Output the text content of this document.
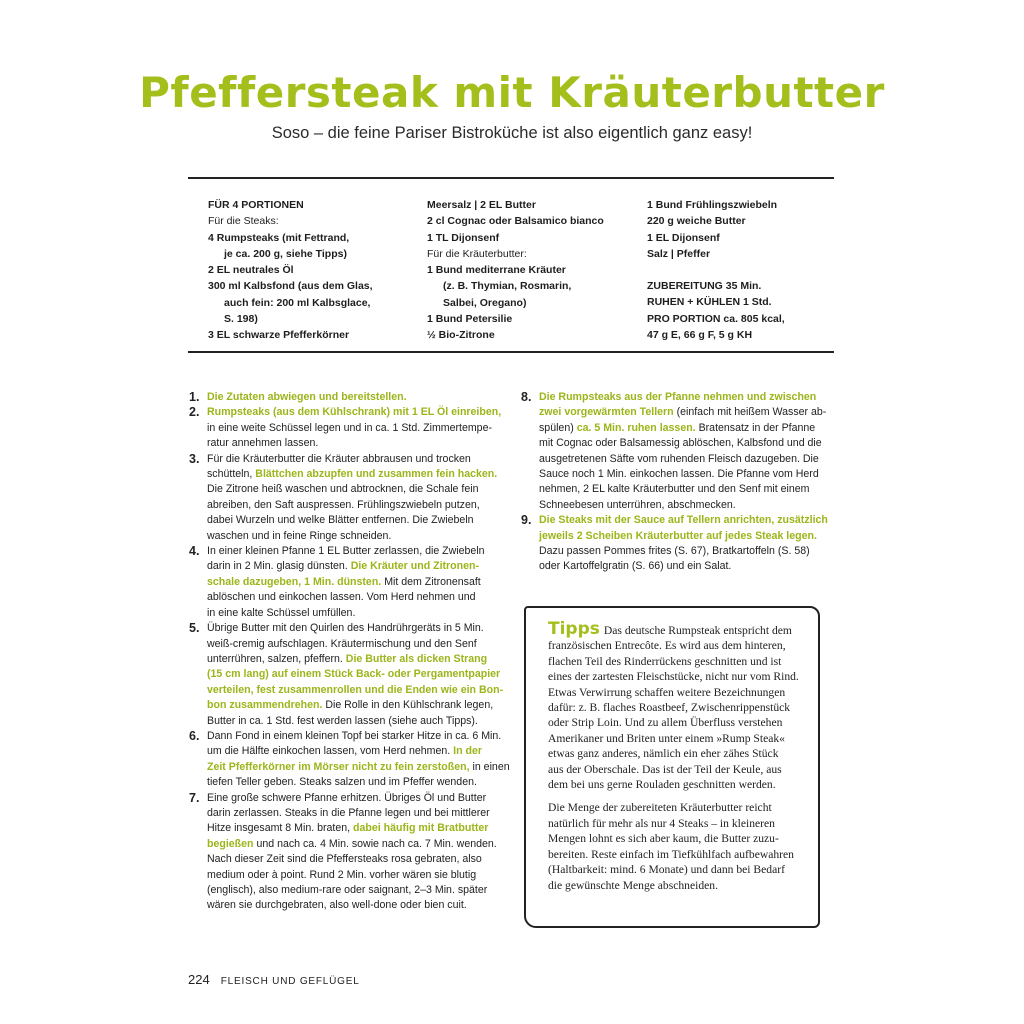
Pfeffersteak mit Kräuterbutter

Soso – die feine Pariser Bistroküche ist also eigentlich ganz easy!

FÜR 4 PORTIONEN
Für die Steaks:
4 Rumpsteaks (mit Fettrand,
je ca. 200 g, siehe Tipps)
2 EL neutrales Öl
300 ml Kalbsfond (aus dem Glas,
auch fein: 200 ml Kalbsglace,
S. 198)
3 EL schwarze Pfefferkörner
Meersalz | 2 EL Butter
2 cl Cognac oder Balsamico bianco
1 TL Dijonsenf
Für die Kräuterbutter:
1 Bund mediterrane Kräuter
(z. B. Thymian, Rosmarin,
Salbei, Oregano)
1 Bund Petersilie
½ Bio-Zitrone
1 Bund Frühlingszwiebeln
220 g weiche Butter
1 EL Dijonsenf
Salz | Pfeffer
ZUBEREITUNG 35 Min.
RUHEN + KÜHLEN 1 Std.
PRO PORTION ca. 805 kcal,
47 g E, 66 g F, 5 g KH
1. Die Zutaten abwiegen und bereitstellen.
2. Rumpsteaks (aus dem Kühlschrank) mit 1 EL Öl einreiben,
in eine weite Schüssel legen und in ca. 1 Std. Zimmertempe-
ratur annehmen lassen.
3. Für die Kräuterbutter die Kräuter abbrausen und trocken
schütteln, Blättchen abzupfen und zusammen fein hacken.
Die Zitrone heiß waschen und abtrocknen, die Schale fein
abreiben, den Saft auspressen. Frühlingszwiebeln putzen,
dabei Wurzeln und welke Blätter entfernen. Die Zwiebeln
waschen und in feine Ringe schneiden.
4. In einer kleinen Pfanne 1 EL Butter zerlassen, die Zwiebeln
darin in 2 Min. glasig dünsten. Die Kräuter und Zitronen-
schale dazugeben, 1 Min. dünsten. Mit dem Zitronensaft
ablöschen und einkochen lassen. Vom Herd nehmen und
in eine kalte Schüssel umfüllen.
5. Übrige Butter mit den Quirlen des Handrührgeräts in 5 Min.
weiß-cremig aufschlagen. Kräutermischung und den Senf
unterrühren, salzen, pfeffern. Die Butter als dicken Strang
(15 cm lang) auf einem Stück Back- oder Pergamentpapier
verteilen, fest zusammenrollen und die Enden wie ein Bon-
bon zusammendrehen. Die Rolle in den Kühlschrank legen,
Butter in ca. 1 Std. fest werden lassen (siehe auch Tipps).
6. Dann Fond in einem kleinen Topf bei starker Hitze in ca. 6 Min.
um die Hälfte einkochen lassen, vom Herd nehmen. In der
Zeit Pfefferkörner im Mörser nicht zu fein zerstoßen, in einen
tiefen Teller geben. Steaks salzen und im Pfeffer wenden.
7. Eine große schwere Pfanne erhitzen. Übriges Öl und Butter
darin zerlassen. Steaks in die Pfanne legen und bei mittlerer
Hitze insgesamt 8 Min. braten, dabei häufig mit Bratbutter
begießen und nach ca. 4 Min. sowie nach ca. 7 Min. wenden.
Nach dieser Zeit sind die Pfeffersteaks rosa gebraten, also
medium oder à point. Rund 2 Min. vorher wären sie blutig
(englisch), also medium-rare oder saignant, 2–3 Min. später
wären sie durchgebraten, also well-done oder bien cuit.
8. Die Rumpsteaks aus der Pfanne nehmen und zwischen
zwei vorgewärmten Tellern (einfach mit heißem Wasser ab-
spülen) ca. 5 Min. ruhen lassen. Bratensatz in der Pfanne
mit Cognac oder Balsamessig ablöschen, Kalbsfond und die
ausgetretenen Säfte vom ruhenden Fleisch dazugeben. Die
Sauce noch 1 Min. einkochen lassen. Die Pfanne vom Herd
nehmen, 2 EL kalte Kräuterbutter und den Senf mit einem
Schneebesen unterrühren, abschmecken.
9. Die Steaks mit der Sauce auf Tellern anrichten, zusätzlich
jeweils 2 Scheiben Kräuterbutter auf jedes Steak legen.
Dazu passen Pommes frites (S. 67), Bratkartoffeln (S. 58)
oder Kartoffelgratin (S. 66) und ein Salat.
Tipps Das deutsche Rumpsteak entspricht dem
französischen Entrecôte. Es wird aus dem hinteren,
flachen Teil des Rinderrückens geschnitten und ist
eines der zartesten Fleischstücke, nicht nur vom Rind.
Etwas Verwirrung schaffen weitere Bezeichnungen
dafür: z. B. flaches Roastbeef, Zwischenrippenstück
oder Strip Loin. Und zu allem Überfluss verstehen
Amerikaner und Briten unter einem »Rump Steak«
etwas ganz anderes, nämlich ein eher zähes Stück
aus der Oberschale. Das ist der Teil der Keule, aus
dem bei uns gerne Rouladen geschnitten werden.
Die Menge der zubereiteten Kräuterbutter reicht
natürlich für mehr als nur 4 Steaks – in kleineren
Mengen lohnt es sich aber kaum, die Butter zuzu-
bereiten. Reste einfach im Tiefkühlfach aufbewahren
(Haltbarkeit: mind. 6 Monate) und dann bei Bedarf
die gewünschte Menge abschneiden.
224 FLEISCH UND GEFLÜGEL
